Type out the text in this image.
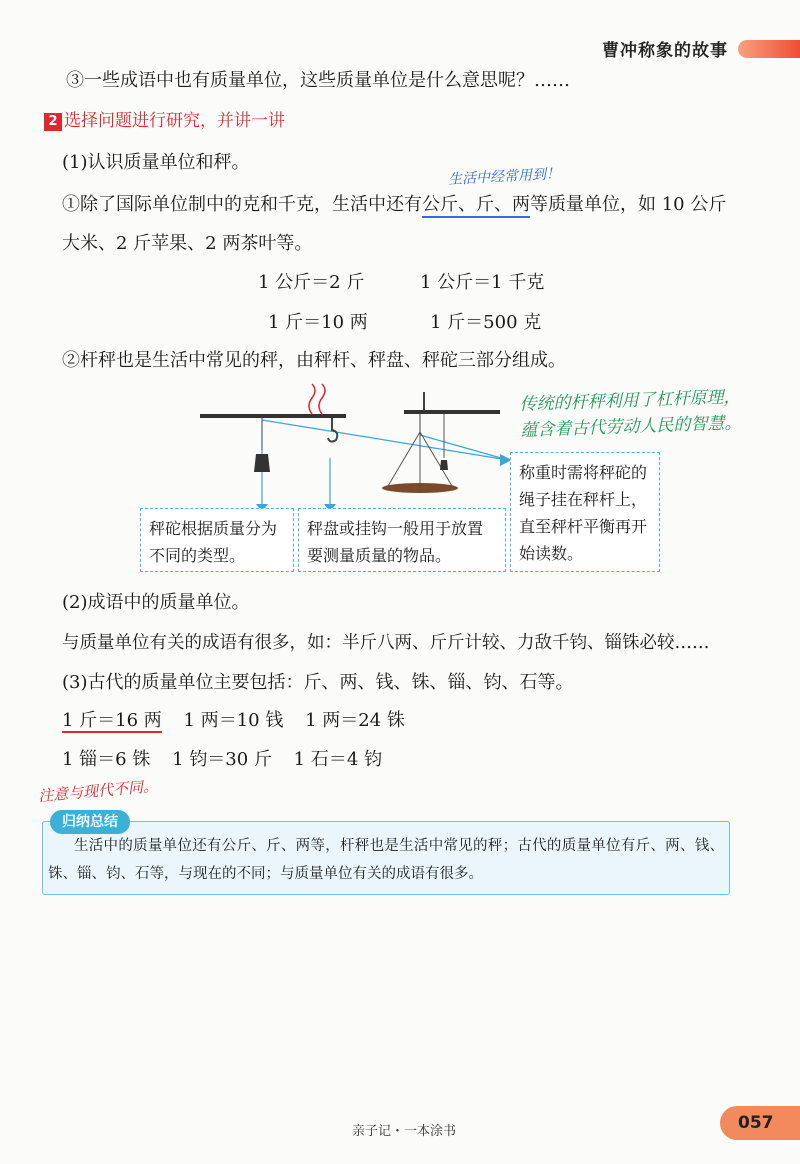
曹冲称象的故事
③一些成语中也有质量单位，这些质量单位是什么意思呢？……
2 选择问题进行研究，并讲一讲
(1)认识质量单位和秤。
生活中经常用到！
①除了国际单位制中的克和千克，生活中还有公斤、斤、两等质量单位，如 10 公斤
大米、2 斤苹果、2 两茶叶等。
1 公斤＝2 斤	1 公斤＝1 千克
1 斤＝10 两	1 斤＝500 克
②杆秤也是生活中常见的秤，由秤杆、秤盘、秤砣三部分组成。
传统的杆秤利用了杠杆原理，
蕴含着古代劳动人民的智慧。
秤砣根据质量分为不同的类型。
秤盘或挂钩一般用于放置要测量质量的物品。
称重时需将秤砣的绳子挂在秤杆上，直至秤杆平衡再开始读数。
(2)成语中的质量单位。
与质量单位有关的成语有很多，如：半斤八两、斤斤计较、力敌千钧、锱铢必较……
(3)古代的质量单位主要包括：斤、两、钱、铢、锱、钧、石等。
1 斤＝16 两 1 两＝10 钱 1 两＝24 铢
1 锱＝6 铢 1 钧＝30 斤 1 石＝4 钧
注意与现代不同。
归纳总结
生活中的质量单位还有公斤、斤、两等，杆秤也是生活中常见的秤；古代的质量单位有斤、两、钱、铢、锱、钧、石等，与现在的不同；与质量单位有关的成语有很多。
亲子记・一本涂书	057
